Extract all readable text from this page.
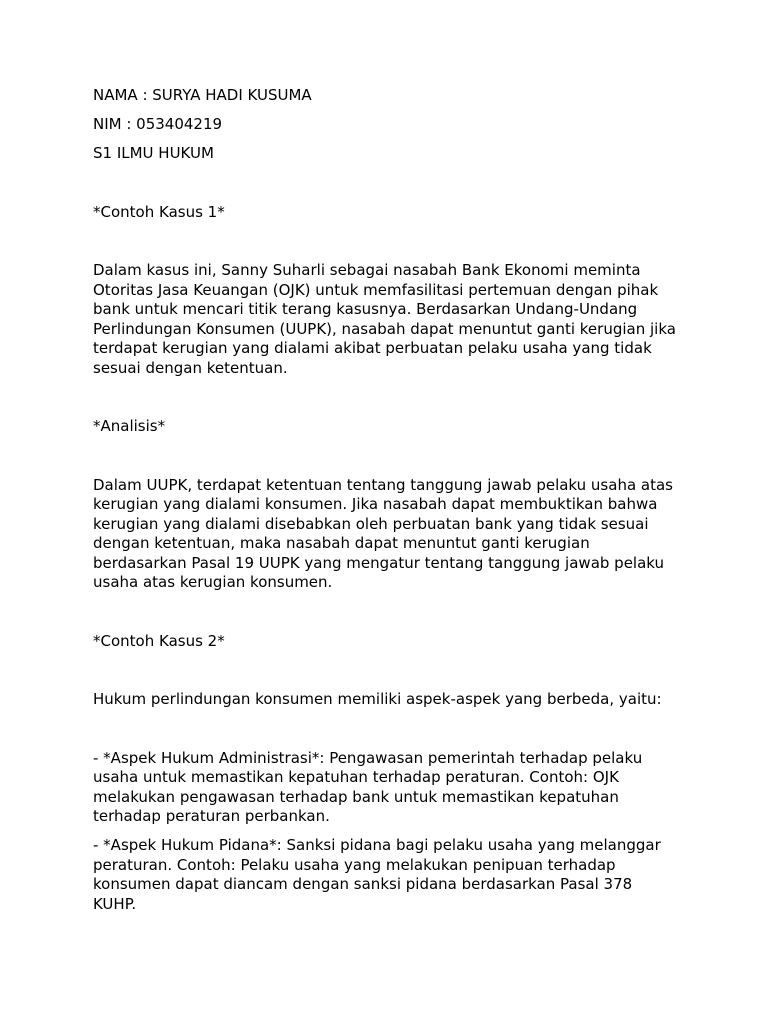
NAMA : SURYA HADI KUSUMA

NIM : 053404219

S1 ILMU HUKUM

*Contoh Kasus 1*

Dalam kasus ini, Sanny Suharli sebagai nasabah Bank Ekonomi meminta Otoritas Jasa Keuangan (OJK) untuk memfasilitasi pertemuan dengan pihak bank untuk mencari titik terang kasusnya. Berdasarkan Undang-Undang Perlindungan Konsumen (UUPK), nasabah dapat menuntut ganti kerugian jika terdapat kerugian yang dialami akibat perbuatan pelaku usaha yang tidak sesuai dengan ketentuan.

*Analisis*

Dalam UUPK, terdapat ketentuan tentang tanggung jawab pelaku usaha atas kerugian yang dialami konsumen. Jika nasabah dapat membuktikan bahwa kerugian yang dialami disebabkan oleh perbuatan bank yang tidak sesuai dengan ketentuan, maka nasabah dapat menuntut ganti kerugian berdasarkan Pasal 19 UUPK yang mengatur tentang tanggung jawab pelaku usaha atas kerugian konsumen.

*Contoh Kasus 2*

Hukum perlindungan konsumen memiliki aspek-aspek yang berbeda, yaitu:

- *Aspek Hukum Administrasi*: Pengawasan pemerintah terhadap pelaku usaha untuk memastikan kepatuhan terhadap peraturan. Contoh: OJK melakukan pengawasan terhadap bank untuk memastikan kepatuhan terhadap peraturan perbankan.

- *Aspek Hukum Pidana*: Sanksi pidana bagi pelaku usaha yang melanggar peraturan. Contoh: Pelaku usaha yang melakukan penipuan terhadap konsumen dapat diancam dengan sanksi pidana berdasarkan Pasal 378 KUHP.
